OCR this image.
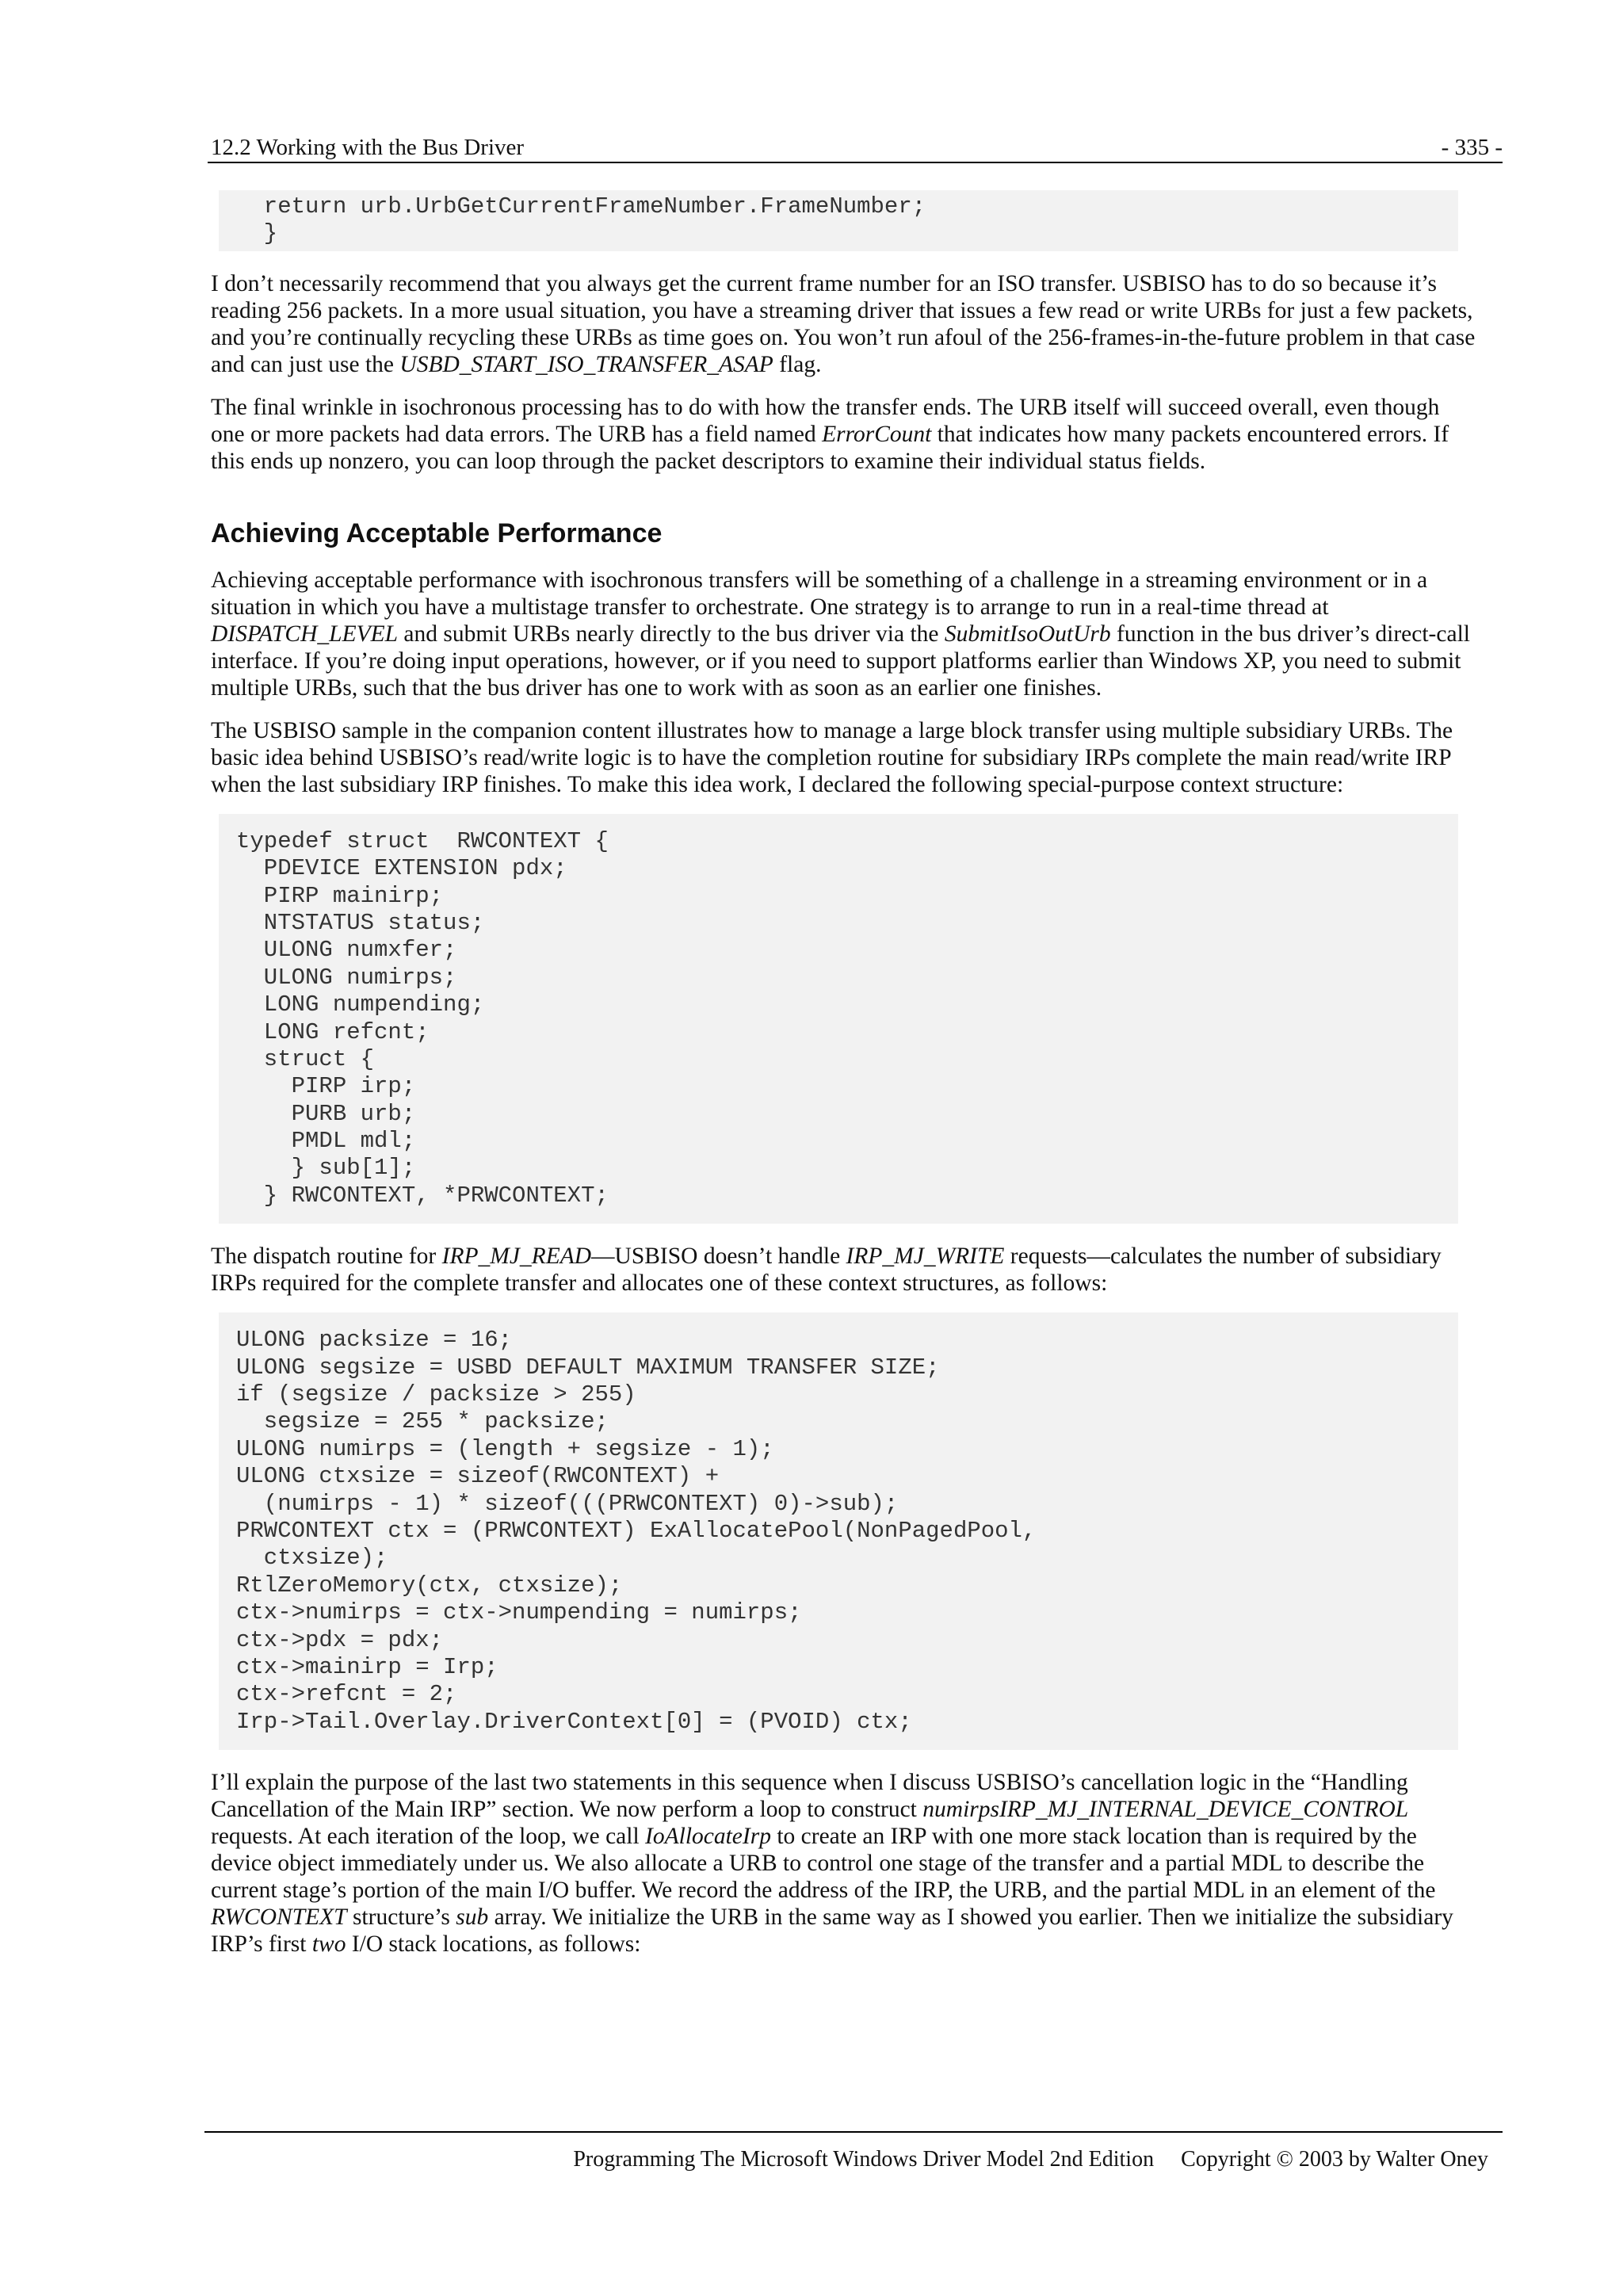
12.2 Working with the Bus Driver	- 335 -
return urb.UrbGetCurrentFrameNumber.FrameNumber;
}

I don’t necessarily recommend that you always get the current frame number for an ISO transfer. USBISO has to do so because it’s reading 256 packets. In a more usual situation, you have a streaming driver that issues a few read or write URBs for just a few packets, and you’re continually recycling these URBs as time goes on. You won’t run afoul of the 256-frames-in-the-future problem in that case and can just use the USBD_START_ISO_TRANSFER_ASAP flag.

The final wrinkle in isochronous processing has to do with how the transfer ends. The URB itself will succeed overall, even though one or more packets had data errors. The URB has a field named ErrorCount that indicates how many packets encountered errors. If this ends up nonzero, you can loop through the packet descriptors to examine their individual status fields.

Achieving Acceptable Performance

Achieving acceptable performance with isochronous transfers will be something of a challenge in a streaming environment or in a situation in which you have a multistage transfer to orchestrate. One strategy is to arrange to run in a real-time thread at DISPATCH_LEVEL and submit URBs nearly directly to the bus driver via the SubmitIsoOutUrb function in the bus driver’s direct-call interface. If you’re doing input operations, however, or if you need to support platforms earlier than Windows XP, you need to submit multiple URBs, such that the bus driver has one to work with as soon as an earlier one finishes.

The USBISO sample in the companion content illustrates how to manage a large block transfer using multiple subsidiary URBs. The basic idea behind USBISO’s read/write logic is to have the completion routine for subsidiary IRPs complete the main read/write IRP when the last subsidiary IRP finishes. To make this idea work, I declared the following special-purpose context structure:

typedef struct  RWCONTEXT {
PDEVICE EXTENSION pdx;
PIRP mainirp;
NTSTATUS status;
ULONG numxfer;
ULONG numirps;
LONG numpending;
LONG refcnt;
struct {
PIRP irp;
PURB urb;
PMDL mdl;
} sub[1];
} RWCONTEXT, *PRWCONTEXT;

The dispatch routine for IRP_MJ_READ—USBISO doesn’t handle IRP_MJ_WRITE requests—calculates the number of subsidiary IRPs required for the complete transfer and allocates one of these context structures, as follows:

ULONG packsize = 16;
ULONG segsize = USBD DEFAULT MAXIMUM TRANSFER SIZE;
if (segsize / packsize > 255)
segsize = 255 * packsize;
ULONG numirps = (length + segsize - 1);
ULONG ctxsize = sizeof(RWCONTEXT) +
(numirps - 1) * sizeof(((PRWCONTEXT) 0)->sub);
PRWCONTEXT ctx = (PRWCONTEXT) ExAllocatePool(NonPagedPool,
ctxsize);
RtlZeroMemory(ctx, ctxsize);
ctx->numirps = ctx->numpending = numirps;
ctx->pdx = pdx;
ctx->mainirp = Irp;
ctx->refcnt = 2;
Irp->Tail.Overlay.DriverContext[0] = (PVOID) ctx;

I’ll explain the purpose of the last two statements in this sequence when I discuss USBISO’s cancellation logic in the “Handling Cancellation of the Main IRP” section. We now perform a loop to construct numirpsIRP_MJ_INTERNAL_DEVICE_CONTROL requests. At each iteration of the loop, we call IoAllocateIrp to create an IRP with one more stack location than is required by the device object immediately under us. We also allocate a URB to control one stage of the transfer and a partial MDL to describe the current stage’s portion of the main I/O buffer. We record the address of the IRP, the URB, and the partial MDL in an element of the RWCONTEXT structure’s sub array. We initialize the URB in the same way as I showed you earlier. Then we initialize the subsidiary IRP’s first two I/O stack locations, as follows:

Programming The Microsoft Windows Driver Model 2nd Edition Copyright © 2003 by Walter Oney
